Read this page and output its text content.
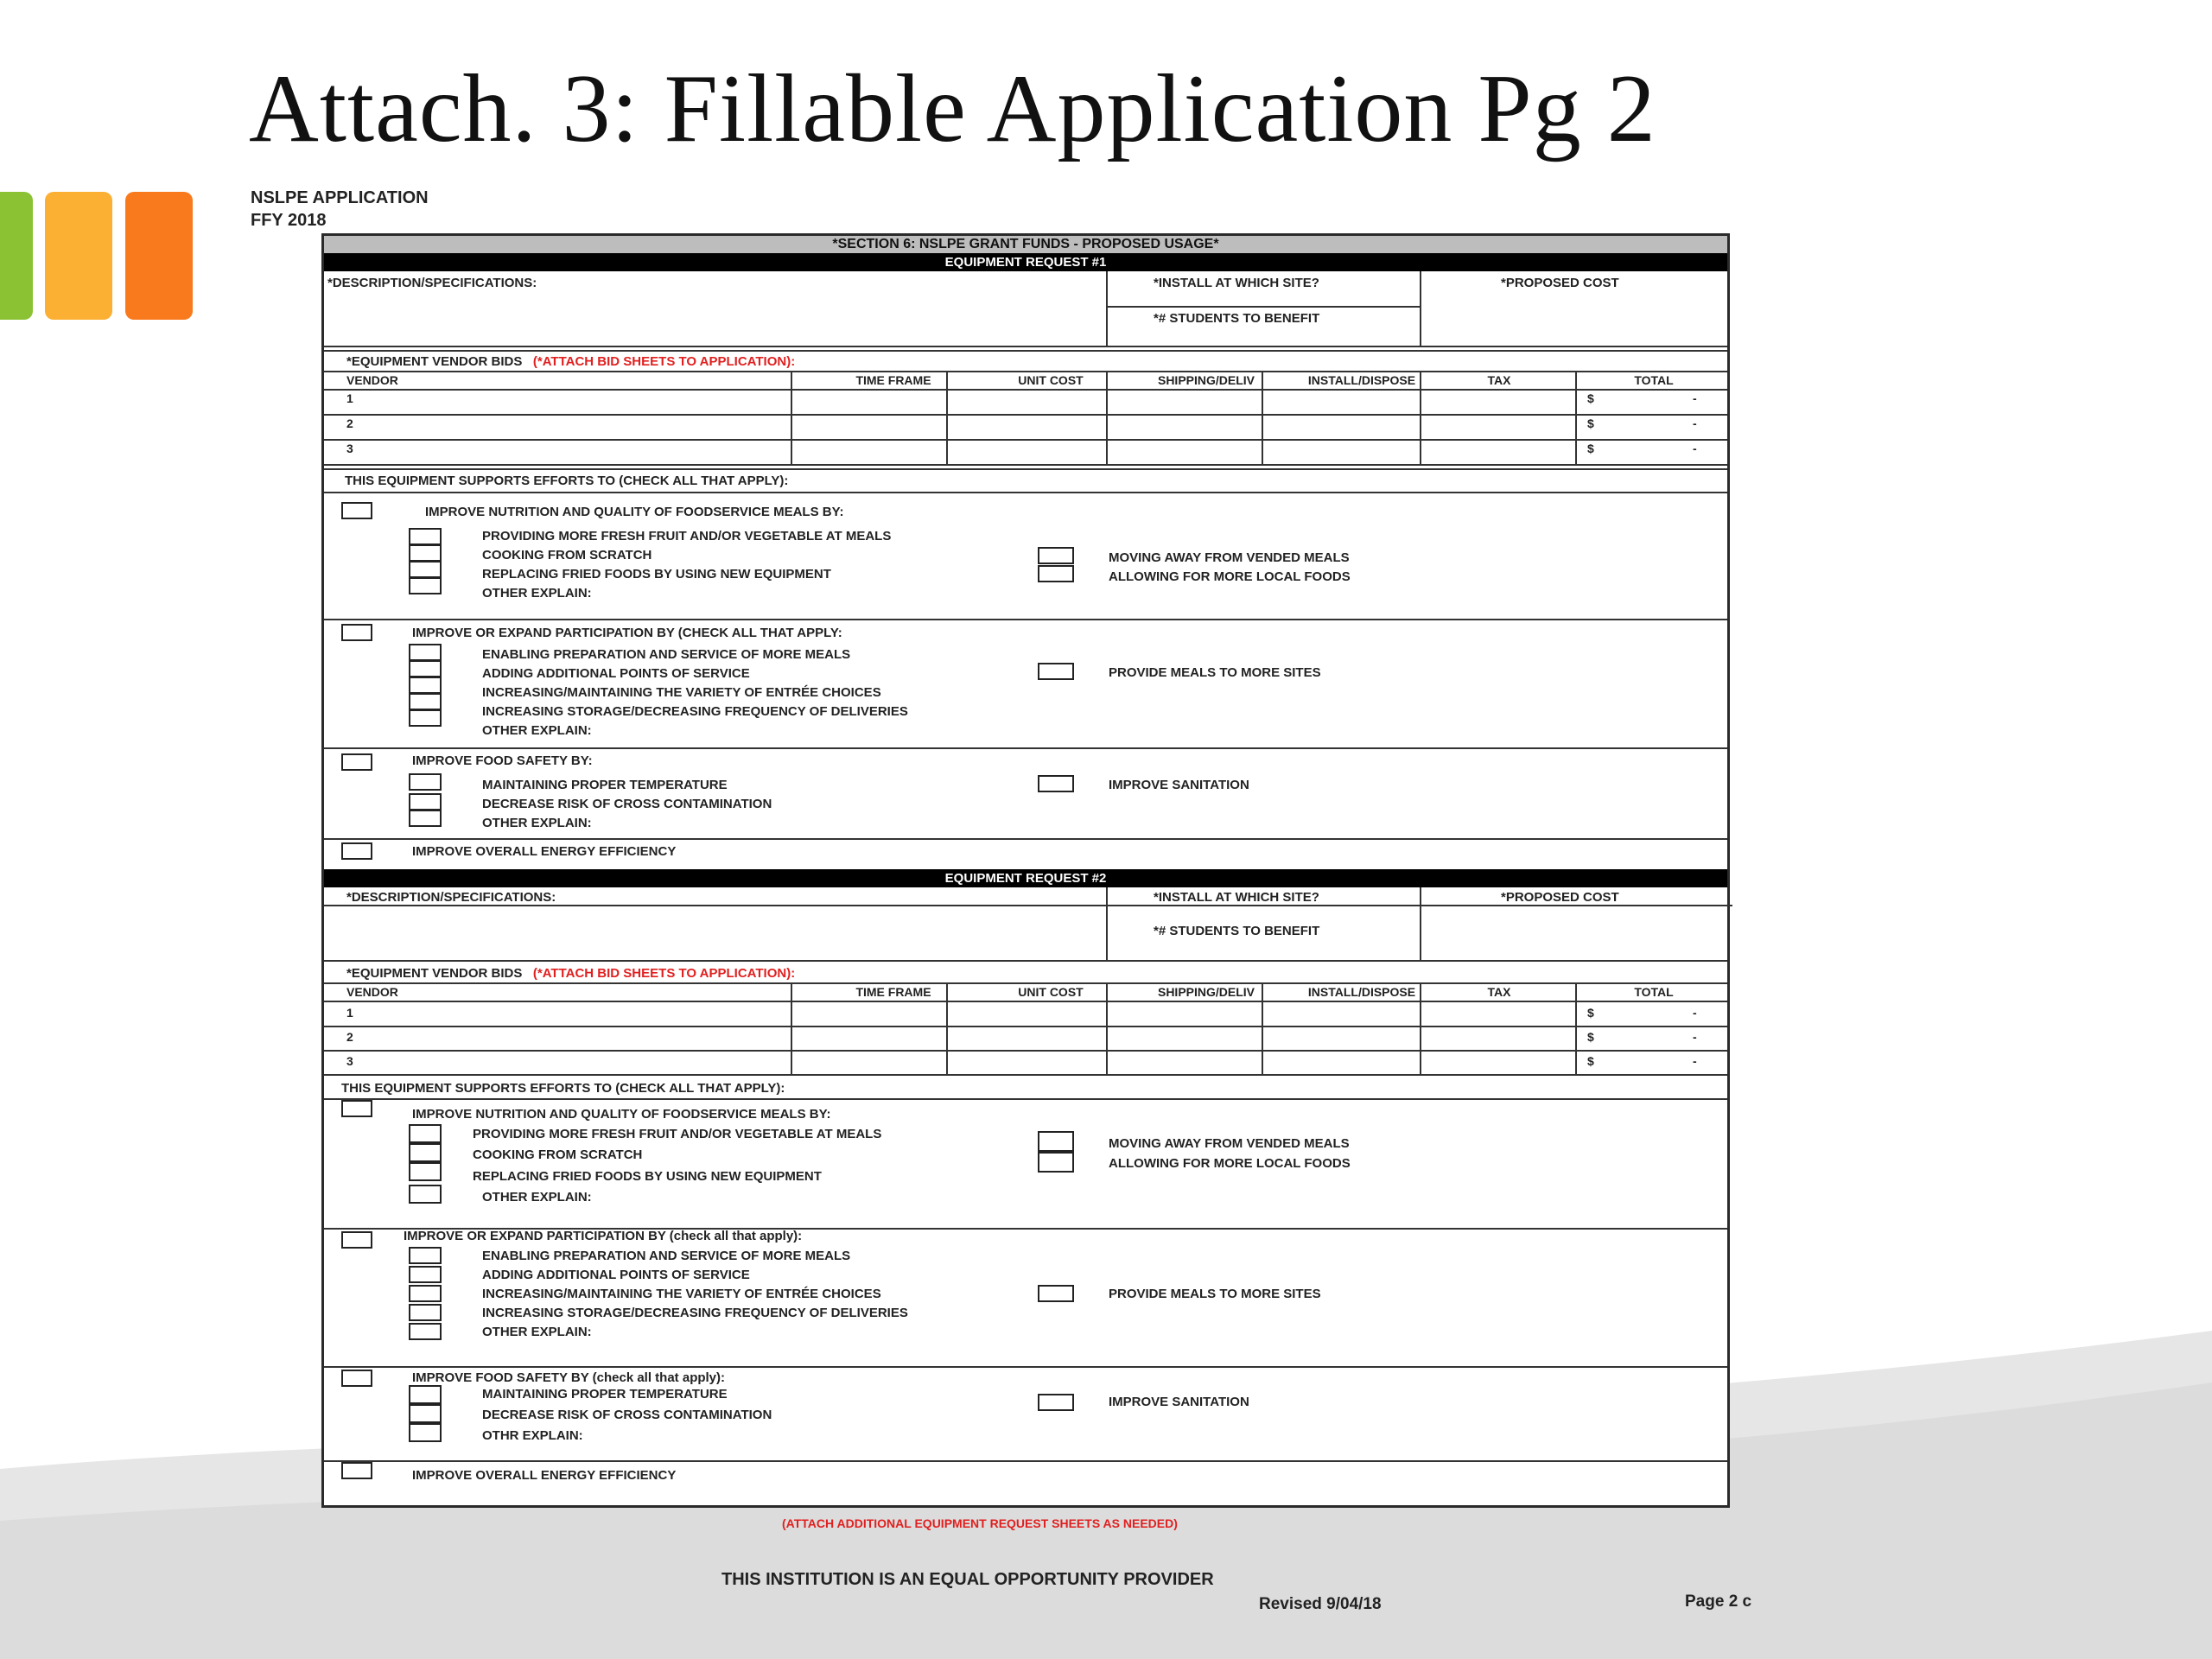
Attach. 3: Fillable Application Pg 2
NSLPE APPLICATION
FFY 2018
*SECTION 6: NSLPE GRANT FUNDS - PROPOSED USAGE*
EQUIPMENT REQUEST #1
*DESCRIPTION/SPECIFICATIONS:	*INSTALL AT WHICH SITE?	*PROPOSED COST
*# STUDENTS TO BENEFIT
*EQUIPMENT VENDOR BIDS (*ATTACH BID SHEETS TO APPLICATION):
VENDOR	TIME FRAME	UNIT COST	SHIPPING/DELIV	INSTALL/DISPOSE	TAX	TOTAL
1	$	-
2	$	-
3	$	-
THIS EQUIPMENT SUPPORTS EFFORTS TO (CHECK ALL THAT APPLY):
IMPROVE NUTRITION AND QUALITY OF FOODSERVICE MEALS BY:
PROVIDING MORE FRESH FRUIT AND/OR VEGETABLE AT MEALS
COOKING FROM SCRATCH
REPLACING FRIED FOODS BY USING NEW EQUIPMENT
OTHER EXPLAIN:
MOVING AWAY FROM VENDED MEALS
ALLOWING FOR MORE LOCAL FOODS
IMPROVE OR EXPAND PARTICIPATION BY (CHECK ALL THAT APPLY:
ENABLING PREPARATION AND SERVICE OF MORE MEALS
ADDING ADDITIONAL POINTS OF SERVICE
INCREASING/MAINTAINING THE VARIETY OF ENTRÉE CHOICES
INCREASING STORAGE/DECREASING FREQUENCY OF DELIVERIES
OTHER EXPLAIN:
PROVIDE MEALS TO MORE SITES
IMPROVE FOOD SAFETY BY:
MAINTAINING PROPER TEMPERATURE
DECREASE RISK OF CROSS CONTAMINATION
OTHER EXPLAIN:
IMPROVE SANITATION
IMPROVE OVERALL ENERGY EFFICIENCY
EQUIPMENT REQUEST #2
*DESCRIPTION/SPECIFICATIONS:	*INSTALL AT WHICH SITE?	*PROPOSED COST
*# STUDENTS TO BENEFIT
*EQUIPMENT VENDOR BIDS (*ATTACH BID SHEETS TO APPLICATION):
VENDOR	TIME FRAME	UNIT COST	SHIPPING/DELIV	INSTALL/DISPOSE	TAX	TOTAL
1	$	-
2	$	-
3	$	-
THIS EQUIPMENT SUPPORTS EFFORTS TO (CHECK ALL THAT APPLY):
IMPROVE NUTRITION AND QUALITY OF FOODSERVICE MEALS BY:
PROVIDING MORE FRESH FRUIT AND/OR VEGETABLE AT MEALS
COOKING FROM SCRATCH
REPLACING FRIED FOODS BY USING NEW EQUIPMENT
OTHER EXPLAIN:
MOVING AWAY FROM VENDED MEALS
ALLOWING FOR MORE LOCAL FOODS
IMPROVE OR EXPAND PARTICIPATION BY (check all that apply):
ENABLING PREPARATION AND SERVICE OF MORE MEALS
ADDING ADDITIONAL POINTS OF SERVICE
INCREASING/MAINTAINING THE VARIETY OF ENTRÉE CHOICES
INCREASING STORAGE/DECREASING FREQUENCY OF DELIVERIES
OTHER EXPLAIN:
PROVIDE MEALS TO MORE SITES
IMPROVE FOOD SAFETY BY (check all that apply):
MAINTAINING PROPER TEMPERATURE
DECREASE RISK OF CROSS CONTAMINATION
OTHR EXPLAIN:
IMPROVE SANITATION
IMPROVE OVERALL ENERGY EFFICIENCY
(ATTACH ADDITIONAL EQUIPMENT REQUEST SHEETS AS NEEDED)
THIS INSTITUTION IS AN EQUAL OPPORTUNITY PROVIDER
Revised 9/04/18	Page 2 c
